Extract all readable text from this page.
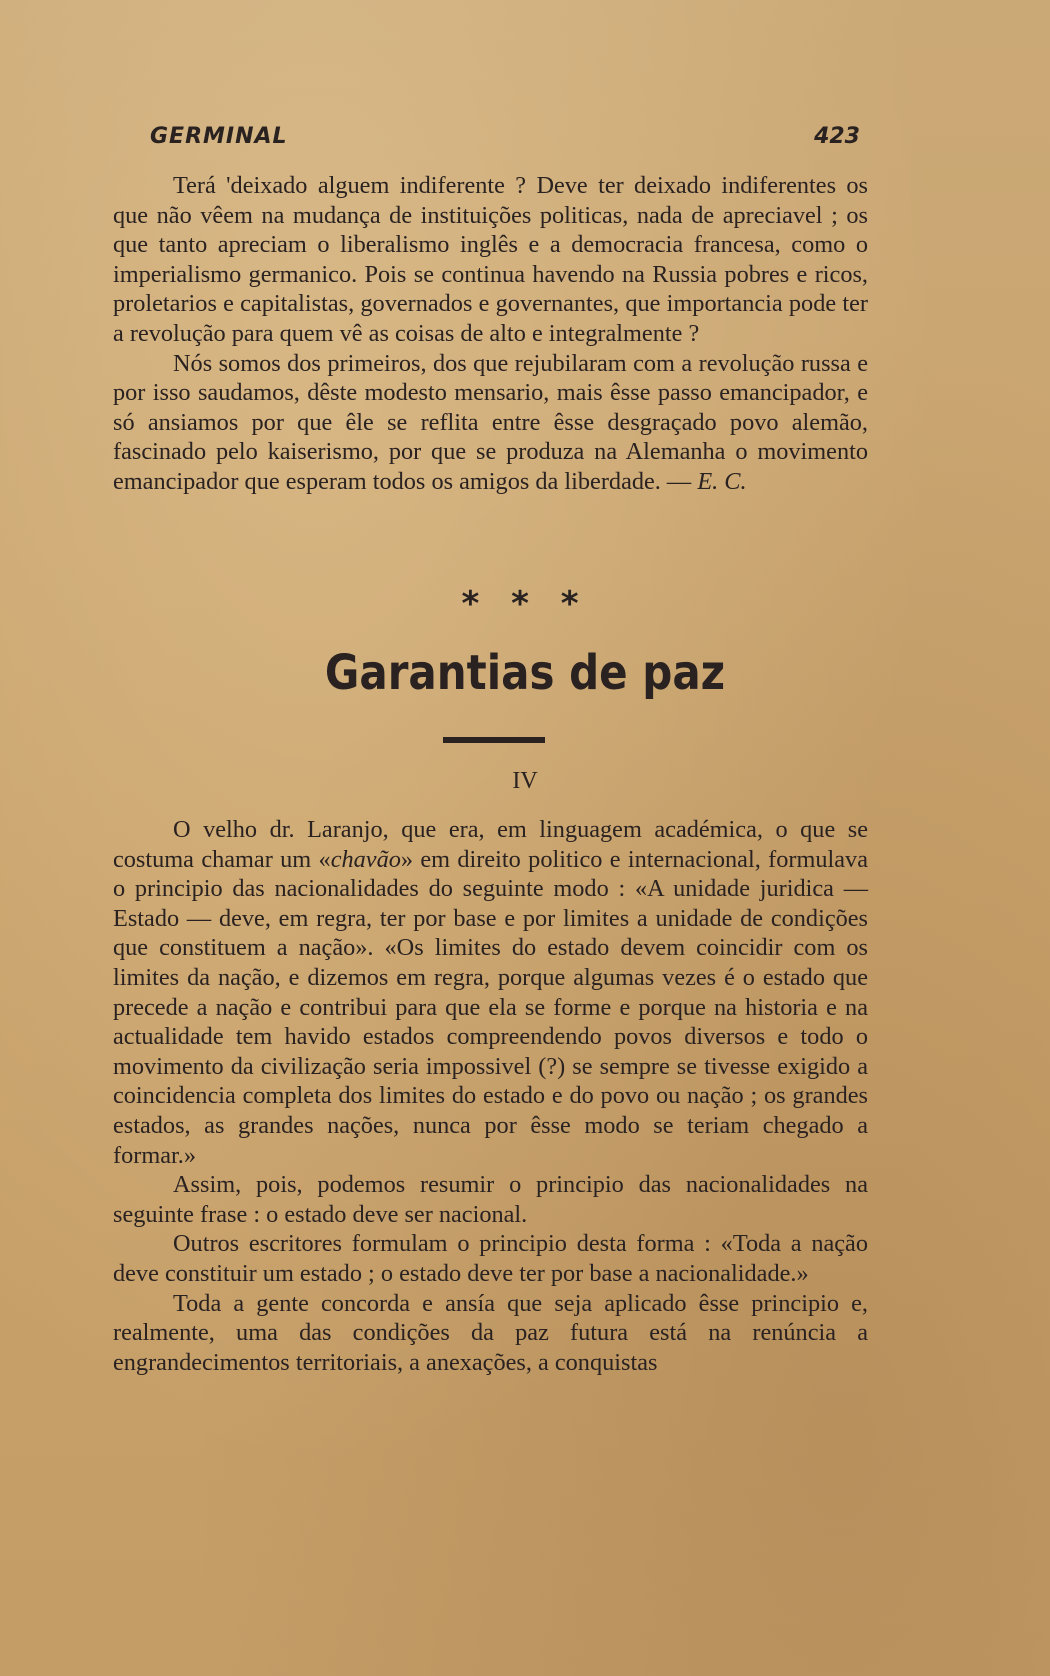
GERMINAL	423

Terá 'deixado alguem indiferente ? Deve ter deixado indiferentes os que não vêem na mudança de instituições politicas, nada de apreciavel ; os que tanto apreciam o liberalismo inglês e a democracia francesa, como o imperialismo germanico. Pois se continua havendo na Russia pobres e ricos, proletarios e capitalistas, governados e governantes, que importancia pode ter a revolução para quem vê as coisas de alto e integralmente ?

Nós somos dos primeiros, dos que rejubilaram com a revolução russa e por isso saudamos, dêste modesto mensario, mais êsse passo emancipador, e só ansiamos por que êle se reflita entre êsse desgraçado povo alemão, fascinado pelo kaiserismo, por que se produza na Alemanha o movimento emancipador que esperam todos os amigos da liberdade. — E. C.

* * *
Garantias de paz
IV

O velho dr. Laranjo, que era, em linguagem académica, o que se costuma chamar um «chavão» em direito politico e internacional, formulava o principio das nacionalidades do seguinte modo : «A unidade juridica — Estado — deve, em regra, ter por base e por limites a unidade de condições que constituem a nação». «Os limites do estado devem coincidir com os limites da nação, e dizemos em regra, porque algumas vezes é o estado que precede a nação e contribui para que ela se forme e porque na historia e na actualidade tem havido estados compreendendo povos diversos e todo o movimento da civilização seria impossivel (?) se sempre se tivesse exigido a coincidencia completa dos limites do estado e do povo ou nação ; os grandes estados, as grandes nações, nunca por êsse modo se teriam chegado a formar.»

Assim, pois, podemos resumir o principio das nacionalidades na seguinte frase : o estado deve ser nacional.

Outros escritores formulam o principio desta forma : «Toda a nação deve constituir um estado ; o estado deve ter por base a nacionalidade.»

Toda a gente concorda e ansía que seja aplicado êsse principio e, realmente, uma das condições da paz futura está na renúncia a engrandecimentos territoriais, a anexações, a conquistas
